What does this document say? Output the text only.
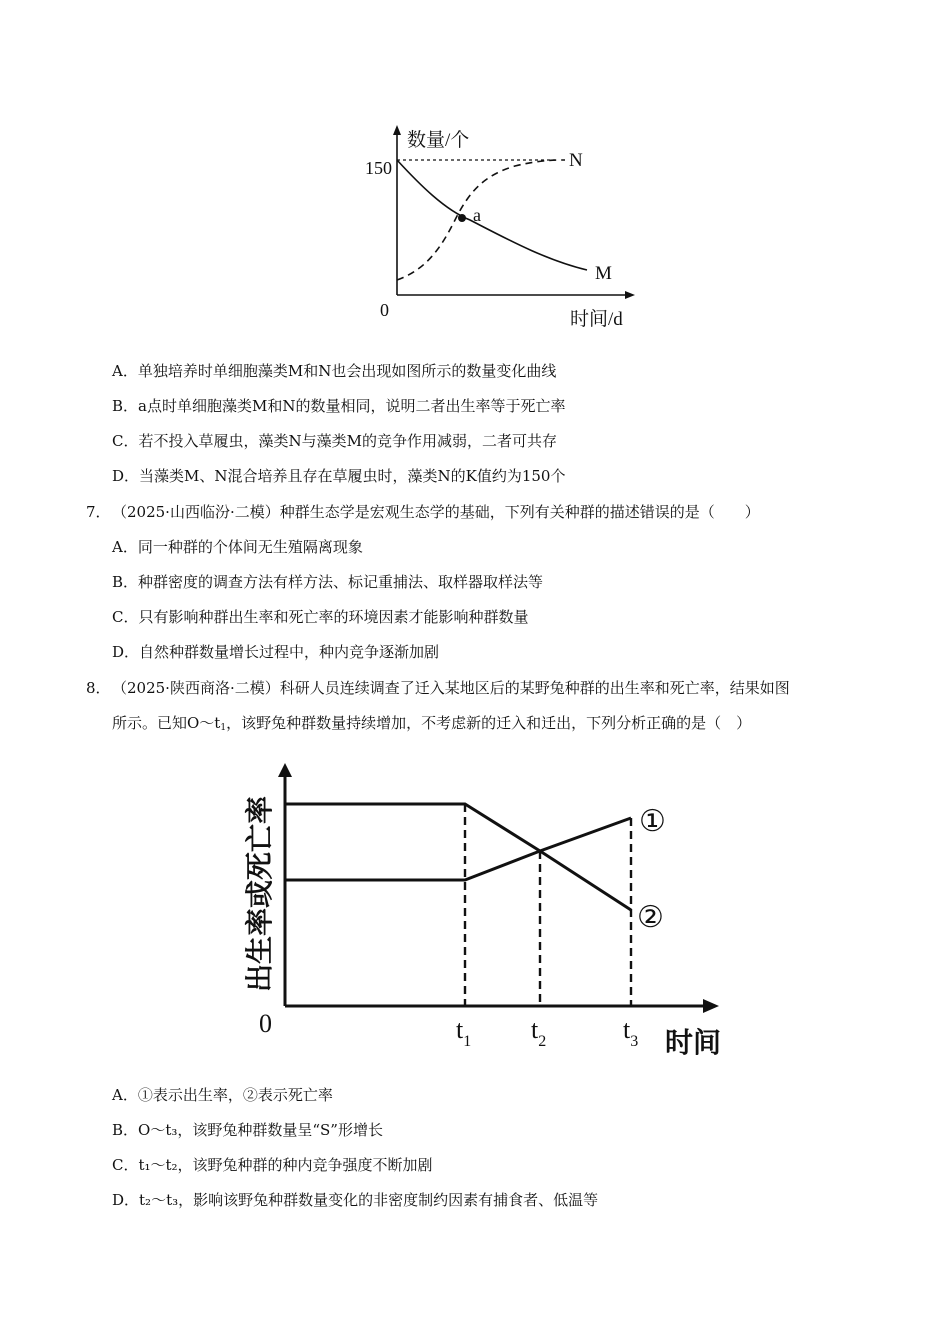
数量/个
150
0
a
N
M
时间/d
A．单独培养时单细胞藻类M和N也会出现如图所示的数量变化曲线
B．a点时单细胞藻类M和N的数量相同，说明二者出生率等于死亡率
C．若不投入草履虫，藻类N与藻类M的竞争作用减弱，二者可共存
D．当藻类M、N混合培养且存在草履虫时，藻类N的K值约为150个
7． （2025·山西临汾·二模）种群生态学是宏观生态学的基础，下列有关种群的描述错误的是（　　）
A．同一种群的个体间无生殖隔离现象
B．种群密度的调查方法有样方法、标记重捕法、取样器取样法等
C．只有影响种群出生率和死亡率的环境因素才能影响种群数量
D．自然种群数量增长过程中，种内竞争逐渐加剧
8． （2025·陕西商洛·二模）科研人员连续调查了迁入某地区后的某野兔种群的出生率和死亡率，结果如图
所示。已知$O\sim t_1$，该野兔种群数量持续增加，不考虑新的迁入和迁出，下列分析正确的是（　）
①
②
0	$t_1$ $t_2$	$t_3$ 时间
出生率或死亡率
A．①表示出生率，②表示死亡率
B．O～t₃，该野兔种群数量呈“S”形增长
C．t₁～t₂，该野兔种群的种内竞争强度不断加剧
D．t₂～t₃，影响该野兔种群数量变化的非密度制约因素有捕食者、低温等
